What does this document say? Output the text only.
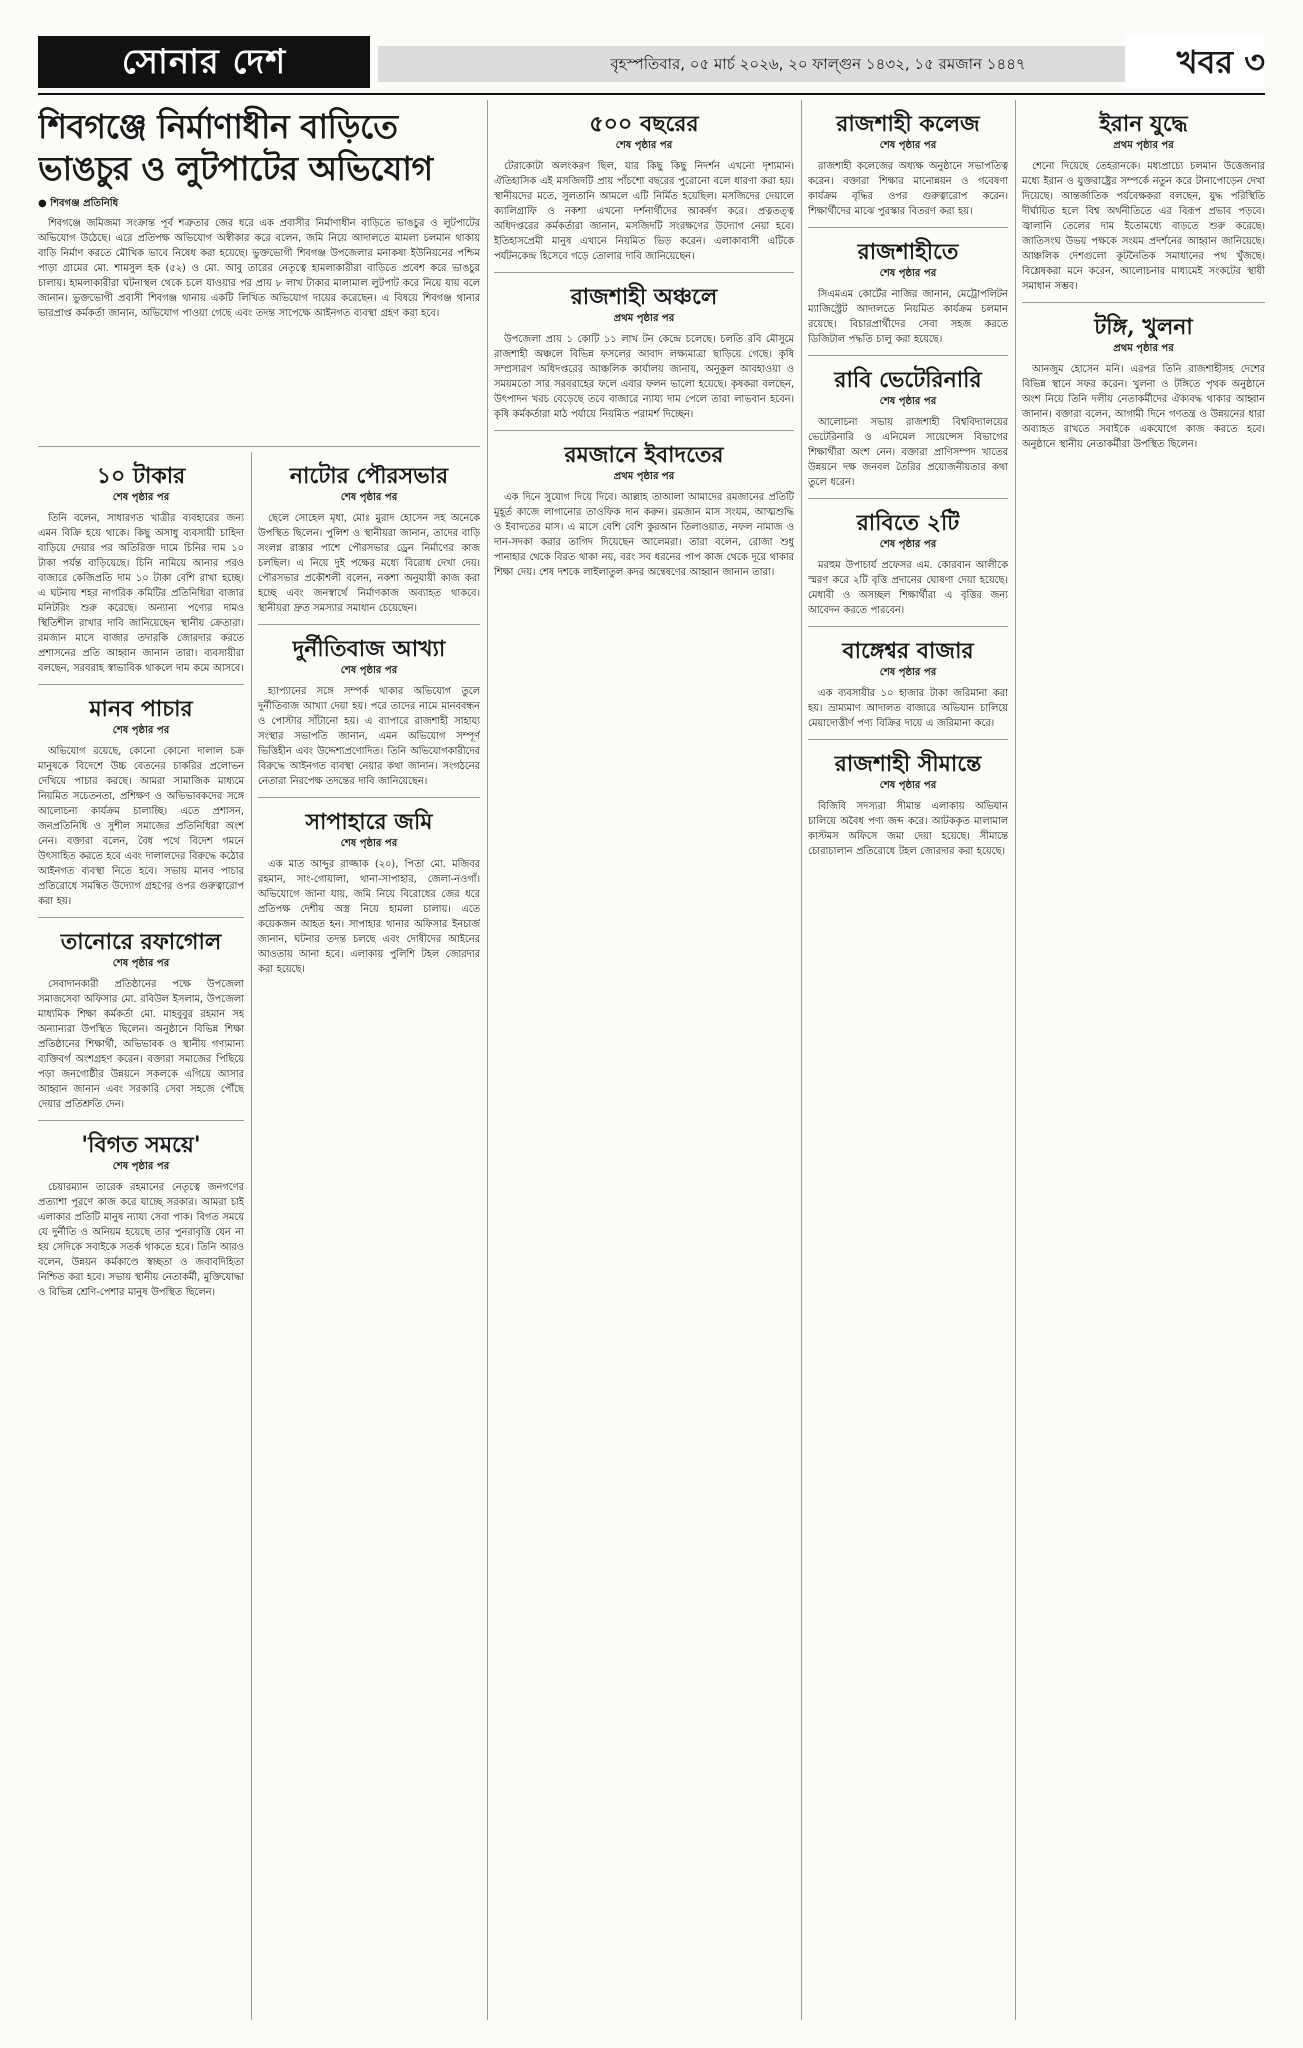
সোনার দেশ	বৃহস্পতিবার, ০৫ মার্চ ২০২৬, ২০ ফাল্গুন ১৪৩২, ১৫ রমজান ১৪৪৭	খবর ৩
শিবগঞ্জে নির্মাণাধীন বাড়িতে ভাঙচুর ও লুটপাটের অভিযোগ
● শিবগঞ্জ প্রতিনিধি

শিবগঞ্জে জমিজমা সংক্রান্ত পূর্ব শত্রুতার জের ধরে এক প্রবাসীর নির্মাণাধীন বাড়িতে ভাঙচুর ও লুটপাটের অভিযোগ উঠেছে। এরে প্রতিপক্ষ অভিযোগ অস্বীকার করে বলেন, জমি নিয়ে আদালতে মামলা চলমান থাকায় বাড়ি নির্মাণ করতে মৌখিক ভাবে নিষেধ করা হয়েছে। ভুক্তভোগী শিবগঞ্জ উপজেলার মনাকষা ইউনিয়নের পশ্চিম পাড়া গ্রামের মো. শামসুল হক (৫২) ও মো. আবু তারের নেতৃত্বে হামলাকারীরা বাড়িতে প্রবেশ করে ভাঙচুর চালায়। হামলাকারীরা ঘটনাস্থল থেকে চলে যাওয়ার পর প্রায় ৮ লাখ টাকার মালামাল লুটপাট করে নিয়ে যায় বলে জানান। ভুক্তভোগী প্রবাসী শিবগঞ্জ থানায় একটি লিখিত অভিযোগ দায়ের করেছেন। এ বিষয়ে শিবগঞ্জ থানার ভারপ্রাপ্ত কর্মকর্তা জানান, অভিযোগ পাওয়া গেছে এবং তদন্ত সাপেক্ষে আইনগত ব্যবস্থা গ্রহণ করা হবে।

১০ টাকার
শেষ পৃষ্ঠার পর

তিনি বলেন, সাধারণত খাত্রীর ব্যবহারের জন্য এমন বিক্রি হয়ে থাকে। কিছু অসাধু ব্যবসায়ী চাহিদা বাড়িয়ে দেয়ার পর অতিরিক্ত দামে চিনির দাম ১০ টাকা পর্যন্ত বাড়িয়েছে। চিনি নামিয়ে আনার পরও বাজারে কেজিপ্রতি দাম ১০ টাকা বেশি রাখা হচ্ছে। এ ঘটনায় শহর নাগরিক কমিটির প্রতিনিধিরা বাজার মনিটরিং শুরু করেছে। অন্যান্য পণ্যের দামও স্থিতিশীল রাখার দাবি জানিয়েছেন স্থানীয় ক্রেতারা। রমজান মাসে বাজার তদারকি জোরদার করতে প্রশাসনের প্রতি আহ্বান জানান তারা। ব্যবসায়ীরা বলছেন, সরবরাহ স্বাভাবিক থাকলে দাম কমে আসবে।

মানব পাচার
শেষ পৃষ্ঠার পর

অভিযোগ রয়েছে, কোনো কোনো দালাল চক্র মানুষকে বিদেশে উচ্চ বেতনের চাকরির প্রলোভন দেখিয়ে পাচার করছে। আমরা সামাজিক মাধ্যমে নিয়মিত সচেতনতা, প্রশিক্ষণ ও অভিভাবকদের সঙ্গে আলোচনা কার্যক্রম চালাচ্ছি। এতে প্রশাসন, জনপ্রতিনিধি ও সুশীল সমাজের প্রতিনিধিরা অংশ নেন। বক্তারা বলেন, বৈধ পথে বিদেশ গমনে উৎসাহিত করতে হবে এবং দালালদের বিরুদ্ধে কঠোর আইনগত ব্যবস্থা নিতে হবে। সভায় মানব পাচার প্রতিরোধে সমন্বিত উদ্যোগ গ্রহণের ওপর গুরুত্বারোপ করা হয়।

তানোরে রফাগোল
শেষ পৃষ্ঠার পর

সেবাদানকারী প্রতিষ্ঠানের পক্ষে উপজেলা সমাজসেবা অফিসার মো. রবিউল ইসলাম, উপজেলা মাধ্যমিক শিক্ষা কর্মকর্তা মো. মাহবুবুর রহমান সহ অন্যান্যরা উপস্থিত ছিলেন। অনুষ্ঠানে বিভিন্ন শিক্ষা প্রতিষ্ঠানের শিক্ষার্থী, অভিভাবক ও স্থানীয় গণ্যমান্য ব্যক্তিবর্গ অংশগ্রহণ করেন। বক্তারা সমাজের পিছিয়ে পড়া জনগোষ্ঠীর উন্নয়নে সকলকে এগিয়ে আসার আহ্বান জানান এবং সরকারি সেবা সহজে পৌঁছে দেয়ার প্রতিশ্রুতি দেন।

'বিগত সময়ে'
শেষ পৃষ্ঠার পর

চেয়ারম্যান তারেক রহমানের নেতৃত্বে জনগণের প্রত্যাশা পূরণে কাজ করে যাচ্ছে সরকার। আমরা চাই এলাকার প্রতিটি মানুষ ন্যায্য সেবা পাক। বিগত সময়ে যে দুর্নীতি ও অনিয়ম হয়েছে তার পুনরাবৃত্তি যেন না হয় সেদিকে সবাইকে সতর্ক থাকতে হবে। তিনি আরও বলেন, উন্নয়ন কর্মকাণ্ডে স্বচ্ছতা ও জবাবদিহিতা নিশ্চিত করা হবে। সভায় স্থানীয় নেতাকর্মী, মুক্তিযোদ্ধা ও বিভিন্ন শ্রেণি-পেশার মানুষ উপস্থিত ছিলেন।

নাটোর পৌরসভার
শেষ পৃষ্ঠার পর

ছেলে সোহেল মৃধা, মোঃ মুরাদ হোসেন সহ অনেকে উপস্থিত ছিলেন। পুলিশ ও স্থানীয়রা জানান, তাদের বাড়ি সংলগ্ন রাস্তার পাশে পৌরসভার ড্রেন নির্মাণের কাজ চলছিল। এ নিয়ে দুই পক্ষের মধ্যে বিরোধ দেখা দেয়। পৌরসভার প্রকৌশলী বলেন, নকশা অনুযায়ী কাজ করা হচ্ছে এবং জনস্বার্থে নির্মাণকাজ অব্যাহত থাকবে। স্থানীয়রা দ্রুত সমস্যার সমাধান চেয়েছেন।

দুর্নীতিবাজ আখ্যা
শেষ পৃষ্ঠার পর

হ্যাপ্যানের সঙ্গে সম্পর্ক থাকার অভিযোগ তুলে দুর্নীতিবাজ আখ্যা দেয়া হয়। পরে তাদের নামে মানববন্ধন ও পোস্টার সাঁটানো হয়। এ ব্যাপারে রাজশাহী সাহায্য সংস্থার সভাপতি জানান, এমন অভিযোগ সম্পূর্ণ ভিত্তিহীন এবং উদ্দেশ্যপ্রণোদিত। তিনি অভিযোগকারীদের বিরুদ্ধে আইনগত ব্যবস্থা নেয়ার কথা জানান। সংগঠনের নেতারা নিরপেক্ষ তদন্তের দাবি জানিয়েছেন।

সাপাহারে জমি
শেষ পৃষ্ঠার পর

এক মাত আব্দুর রাজ্জাক (২০), পিতা মো. মজিবর রহমান, সাং-গোয়ালা, থানা-সাপাহার, জেলা-নওগাঁ। অভিযোগে জানা যায়, জমি নিয়ে বিরোধের জের ধরে প্রতিপক্ষ দেশীয় অস্ত্র নিয়ে হামলা চালায়। এতে কয়েকজন আহত হন। সাপাহার থানার অফিসার ইনচার্জ জানান, ঘটনার তদন্ত চলছে এবং দোষীদের আইনের আওতায় আনা হবে। এলাকায় পুলিশি টহল জোরদার করা হয়েছে।

৫০০ বছরের
শেষ পৃষ্ঠার পর

টেরাকোটা অলংকরণ ছিল, যার কিছু কিছু নিদর্শন এখনো দৃশ্যমান। ঐতিহাসিক এই মসজিদটি প্রায় পাঁচশো বছরের পুরোনো বলে ধারণা করা হয়। স্থানীয়দের মতে, সুলতানি আমলে এটি নির্মিত হয়েছিল। মসজিদের দেয়ালে ক্যালিগ্রাফি ও নকশা এখনো দর্শনার্থীদের আকর্ষণ করে। প্রত্নতত্ত্ব অধিদপ্তরের কর্মকর্তারা জানান, মসজিদটি সংরক্ষণের উদ্যোগ নেয়া হবে। ইতিহাসপ্রেমী মানুষ এখানে নিয়মিত ভিড় করেন। এলাকাবাসী এটিকে পর্যটনকেন্দ্র হিসেবে গড়ে তোলার দাবি জানিয়েছেন।

রাজশাহী অঞ্চলে
প্রথম পৃষ্ঠার পর

উপজেলা প্রায় ১ কোটি ১১ লাখ টন কেন্দ্রে চলেছে। চলতি রবি মৌসুমে রাজশাহী অঞ্চলে বিভিন্ন ফসলের আবাদ লক্ষ্যমাত্রা ছাড়িয়ে গেছে। কৃষি সম্প্রসারণ অধিদপ্তরের আঞ্চলিক কার্যালয় জানায়, অনুকূল আবহাওয়া ও সময়মতো সার সরবরাহের ফলে এবার ফলন ভালো হয়েছে। কৃষকরা বলছেন, উৎপাদন খরচ বেড়েছে তবে বাজারে ন্যায্য দাম পেলে তারা লাভবান হবেন। কৃষি কর্মকর্তারা মাঠ পর্যায়ে নিয়মিত পরামর্শ দিচ্ছেন।

রমজানে ইবাদতের
প্রথম পৃষ্ঠার পর

এক দিনে সুযোগ দিয়ে দিবে। আল্লাহ তাআলা আমাদের রমজানের প্রতিটি মুহূর্ত কাজে লাগানোর তাওফিক দান করুন। রমজান মাস সংযম, আত্মশুদ্ধি ও ইবাদতের মাস। এ মাসে বেশি বেশি কুরআন তিলাওয়াত, নফল নামাজ ও দান-সদকা করার তাগিদ দিয়েছেন আলেমরা। তারা বলেন, রোজা শুধু পানাহার থেকে বিরত থাকা নয়, বরং সব ধরনের পাপ কাজ থেকে দূরে থাকার শিক্ষা দেয়। শেষ দশকে লাইলাতুল কদর অন্বেষণের আহ্বান জানান তারা।

রাজশাহী কলেজ
শেষ পৃষ্ঠার পর

রাজশাহী কলেজের অধ্যক্ষ অনুষ্ঠানে সভাপতিত্ব করেন। বক্তারা শিক্ষার মানোন্নয়ন ও গবেষণা কার্যক্রম বৃদ্ধির ওপর গুরুত্বারোপ করেন। শিক্ষার্থীদের মাঝে পুরস্কার বিতরণ করা হয়।

রাজশাহীতে
শেষ পৃষ্ঠার পর

সিএমএম কোর্টের নাজির জানান, মেট্রোপলিটন ম্যাজিস্ট্রেট আদালতে নিয়মিত কার্যক্রম চলমান রয়েছে। বিচারপ্রার্থীদের সেবা সহজ করতে ডিজিটাল পদ্ধতি চালু করা হয়েছে।

রাবি ভেটেরিনারি
শেষ পৃষ্ঠার পর

আলোচনা সভায় রাজশাহী বিশ্ববিদ্যালয়ের ভেটেরিনারি ও এনিমেল সায়েন্সেস বিভাগের শিক্ষার্থীরা অংশ নেন। বক্তারা প্রাণিসম্পদ খাতের উন্নয়নে দক্ষ জনবল তৈরির প্রয়োজনীয়তার কথা তুলে ধরেন।

রাবিতে ২টি
শেষ পৃষ্ঠার পর

মরহুম উপাচার্য প্রফেসর এম. কোরবান আলীকে স্মরণ করে ২টি বৃত্তি প্রদানের ঘোষণা দেয়া হয়েছে। মেধাবী ও অসচ্ছল শিক্ষার্থীরা এ বৃত্তির জন্য আবেদন করতে পারবেন।

বাঙ্গেশ্বর বাজার
শেষ পৃষ্ঠার পর

এক ব্যবসায়ীর ১০ হাজার টাকা জরিমানা করা হয়। ভ্রাম্যমাণ আদালত বাজারে অভিযান চালিয়ে মেয়াদোত্তীর্ণ পণ্য বিক্রির দায়ে এ জরিমানা করে।

রাজশাহী সীমান্তে
শেষ পৃষ্ঠার পর

বিজিবি সদস্যরা সীমান্ত এলাকায় অভিযান চালিয়ে অবৈধ পণ্য জব্দ করে। আটককৃত মালামাল কাস্টমস অফিসে জমা দেয়া হয়েছে। সীমান্তে চোরাচালান প্রতিরোধে টহল জোরদার করা হয়েছে।

ইরান যুদ্ধে
প্রথম পৃষ্ঠার পর

শেনো দিয়েছে তেহরানকে। মধ্যপ্রাচ্যে চলমান উত্তেজনার মধ্যে ইরান ও যুক্তরাষ্ট্রের সম্পর্কে নতুন করে টানাপোড়েন দেখা দিয়েছে। আন্তর্জাতিক পর্যবেক্ষকরা বলছেন, যুদ্ধ পরিস্থিতি দীর্ঘায়িত হলে বিশ্ব অর্থনীতিতে এর বিরূপ প্রভাব পড়বে। জ্বালানি তেলের দাম ইতোমধ্যে বাড়তে শুরু করেছে। জাতিসংঘ উভয় পক্ষকে সংযম প্রদর্শনের আহ্বান জানিয়েছে। আঞ্চলিক দেশগুলো কূটনৈতিক সমাধানের পথ খুঁজছে। বিশ্লেষকরা মনে করেন, আলোচনার মাধ্যমেই সংকটের স্থায়ী সমাধান সম্ভব।

টঙ্গি, খুলনা
প্রথম পৃষ্ঠার পর

আনজুম হোসেন মনি। এরপর তিনি রাজশাহীসহ দেশের বিভিন্ন স্থানে সফর করেন। খুলনা ও টঙ্গিতে পৃথক অনুষ্ঠানে অংশ নিয়ে তিনি দলীয় নেতাকর্মীদের ঐক্যবদ্ধ থাকার আহ্বান জানান। বক্তারা বলেন, আগামী দিনে গণতন্ত্র ও উন্নয়নের ধারা অব্যাহত রাখতে সবাইকে একযোগে কাজ করতে হবে। অনুষ্ঠানে স্থানীয় নেতাকর্মীরা উপস্থিত ছিলেন।
